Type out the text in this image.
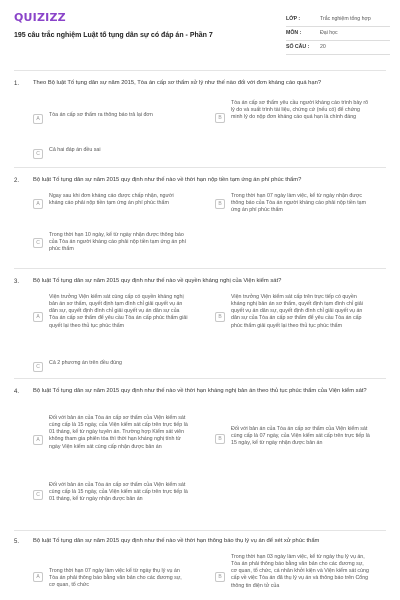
QUIZIZZ
195 câu trắc nghiệm Luật tố tụng dân sự có đáp án - Phần 7
LỚP :	Trắc nghiệm tổng hợp
MÔN :	Đại học
SỐ CÂU :	20
1. Theo Bộ luật Tố tụng dân sự năm 2015, Tòa án cấp sơ thẩm xử lý như thế nào đối với đơn kháng cáo quá hạn?
A
Tòa án cấp sơ thẩm ra thông báo trả lại đơn	B
Tòa án cấp sơ thẩm yêu cầu người kháng cáo trình bày rõ lý do và xuất trình tài liệu, chứng cứ (nếu có) để chứng minh lý do nộp đơn kháng cáo quá hạn là chính đáng
C
Cả hai đáp án đều sai
2. Bộ luật Tố tụng dân sự năm 2015 quy định như thế nào về thời hạn nộp tiền tạm ứng án phí phúc thẩm?
A
Ngay sau khi đơn kháng cáo được chấp nhận, người kháng cáo phải nộp tiền tạm ứng án phí phúc thẩm	B
Trong thời hạn 07 ngày làm việc, kể từ ngày nhận được thông báo của Tòa án người kháng cáo phải nộp tiền tạm ứng án phí phúc thẩm
C
Trong thời hạn 10 ngày, kể từ ngày nhận được thông báo của Tòa án người kháng cáo phải nộp tiền tạm ứng án phí phúc thẩm
3. Bộ luật Tố tụng dân sự năm 2015 quy định như thế nào về quyền kháng nghị của Viện kiểm sát?
A
Viện trưởng Viện kiểm sát cùng cấp có quyền kháng nghị bản án sơ thẩm, quyết định tạm đình chỉ giải quyết vụ án dân sự, quyết định đình chỉ giải quyết vụ án dân sự của Tòa án cấp sơ thẩm để yêu cầu Tòa án cấp phúc thẩm giải quyết lại theo thủ tục phúc thẩm
B
Viện trưởng Viện kiểm sát cấp trên trực tiếp có quyền kháng nghị bản án sơ thẩm, quyết định tạm đình chỉ giải quyết vụ án dân sự, quyết định đình chỉ giải quyết vụ án dân sự của Tòa án cấp sơ thẩm để yêu cầu Tòa án cấp phúc thẩm giải quyết lại theo thủ tục phúc thẩm
C
Cả 2 phương án trên đều đúng
4. Bộ luật Tố tụng dân sự năm 2015 quy định như thế nào về thời hạn kháng nghị bản án theo thủ tục phúc thẩm của Viện kiểm sát?
A
Đối với bản án của Tòa án cấp sơ thẩm của Viện kiểm sát cùng cấp là 15 ngày, của Viện kiểm sát cấp trên trực tiếp là 01 tháng, kể từ ngày tuyên án. Trường hợp Kiểm sát viên không tham gia phiên tòa thì thời hạn kháng nghị tính từ ngày Viện kiểm sát cùng cấp nhận được bản án
B
Đối với bản án của Tòa án cấp sơ thẩm của Viện kiểm sát cùng cấp là 07 ngày, của Viện kiểm sát cấp trên trực tiếp là 15 ngày, kể từ ngày nhận được bản án
C
Đối với bản án của Tòa án cấp sơ thẩm của Viện kiểm sát cùng cấp là 15 ngày, của Viện kiểm sát cấp trên trực tiếp là 01 tháng, kể từ ngày nhận được bản án
5. Bộ luật Tố tụng dân sự năm 2015 quy định như thế nào về thời hạn thông báo thụ lý vụ án để xét xử phúc thẩm
A
Trong thời hạn 07 ngày làm việc kể từ ngày thụ lý vụ án Tòa án phải thông báo bằng văn bản cho các đương sự, cơ quan, tổ chức
B
Trong thời hạn 03 ngày làm việc, kể từ ngày thụ lý vụ án, Tòa án phải thông báo bằng văn bản cho các đương sự, cơ quan, tổ chức, cá nhân khởi kiện và Viện kiểm sát cùng cấp về việc Tòa án đã thụ lý vụ án và thông báo trên Cổng thông tin điện tử của
